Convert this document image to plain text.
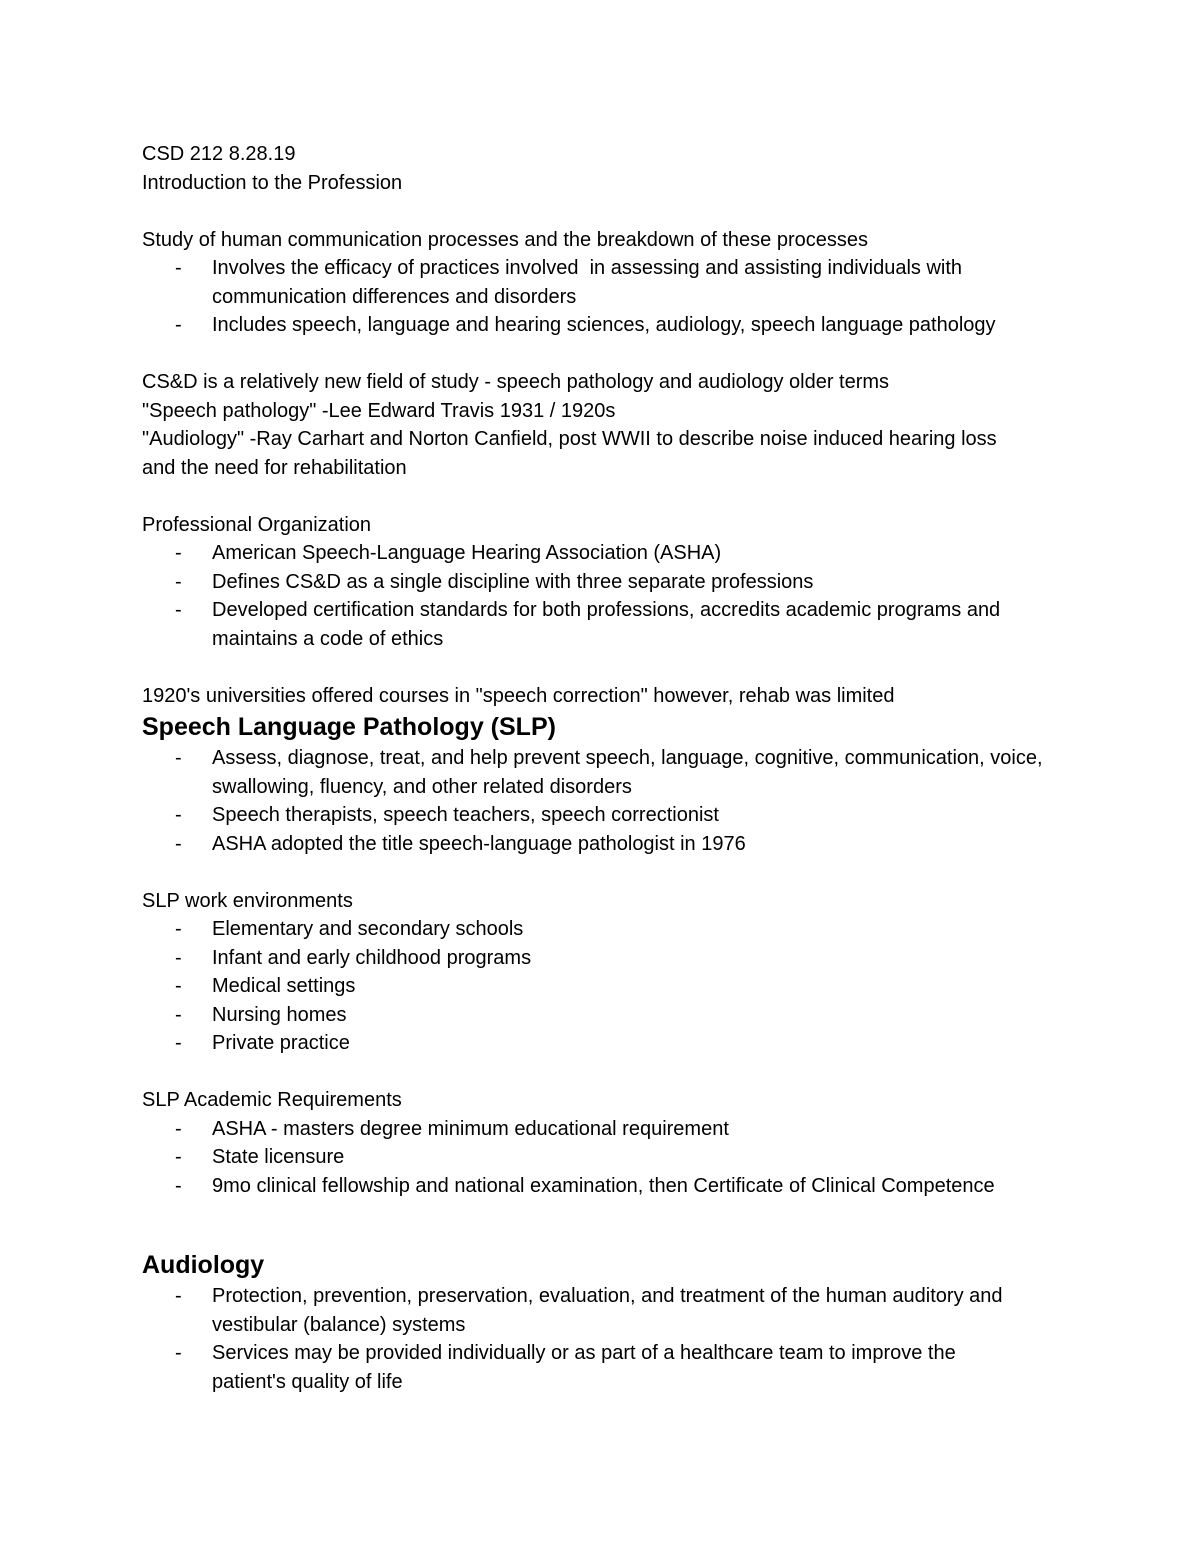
CSD 212 8.28.19

Introduction to the Profession

Study of human communication processes and the breakdown of these processes

- Involves the efficacy of practices involved  in assessing and assisting individuals with
communication differences and disorders
- Includes speech, language and hearing sciences, audiology, speech language pathology

CS&D is a relatively new field of study - speech pathology and audiology older terms

"Speech pathology" -Lee Edward Travis 1931 / 1920s

"Audiology" -Ray Carhart and Norton Canfield, post WWII to describe noise induced hearing loss and the need for rehabilitation

Professional Organization

- American Speech-Language Hearing Association (ASHA)
- Defines CS&D as a single discipline with three separate professions
- Developed certification standards for both professions, accredits academic programs and maintains a code of ethics

1920's universities offered courses in "speech correction" however, rehab was limited

Speech Language Pathology (SLP)

- Assess, diagnose, treat, and help prevent speech, language, cognitive, communication, voice, swallowing, fluency, and other related disorders
- Speech therapists, speech teachers, speech correctionist
- ASHA adopted the title speech-language pathologist in 1976

SLP work environments

- Elementary and secondary schools
- Infant and early childhood programs
- Medical settings
- Nursing homes
- Private practice

SLP Academic Requirements

- ASHA - masters degree minimum educational requirement
- State licensure
- 9mo clinical fellowship and national examination, then Certificate of Clinical Competence

Audiology

- Protection, prevention, preservation, evaluation, and treatment of the human auditory and vestibular (balance) systems
- Services may be provided individually or as part of a healthcare team to improve the patient's quality of life
